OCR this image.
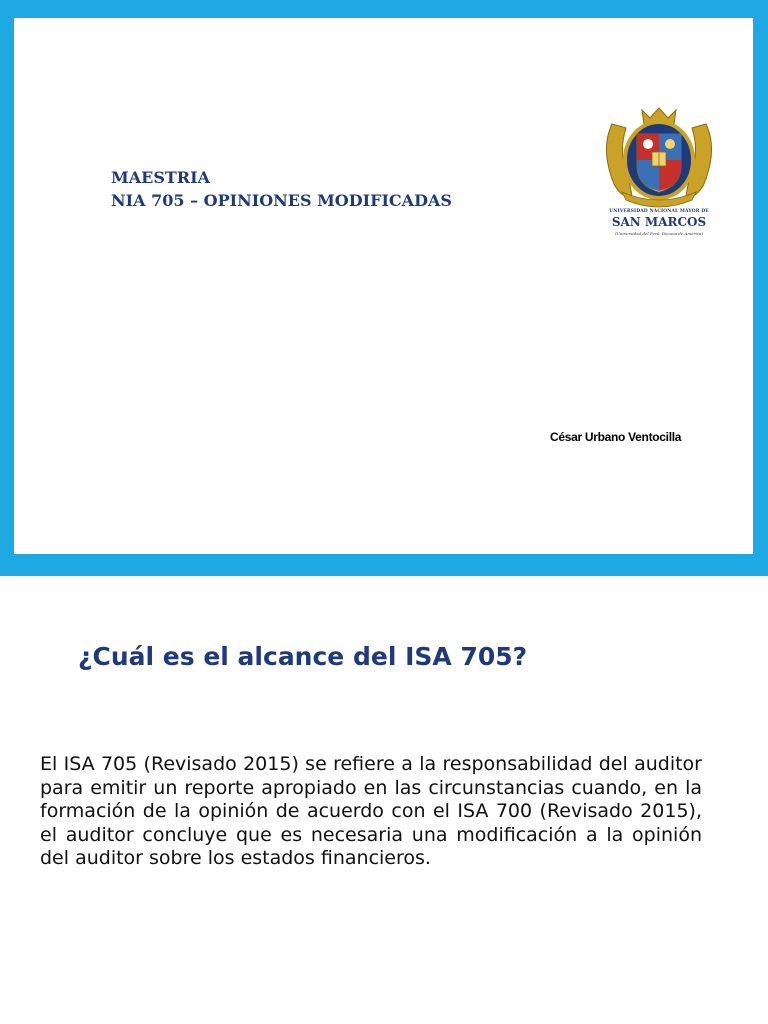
MAESTRIA
NIA 705 – OPINIONES MODIFICADAS
UNIVERSIDAD NACIONAL MAYOR DE
SAN MARCOS
(Universidad del Perú, Decana de América)
César Urbano Ventocilla
¿Cuál es el alcance del ISA 705?
El ISA 705 (Revisado 2015) se refiere a la responsabilidad del auditor para emitir un reporte apropiado en las circunstancias cuando, en la formación de la opinión de acuerdo con el ISA 700 (Revisado 2015), el auditor concluye que es necesaria una modificación a la opinión del auditor sobre los estados financieros.
